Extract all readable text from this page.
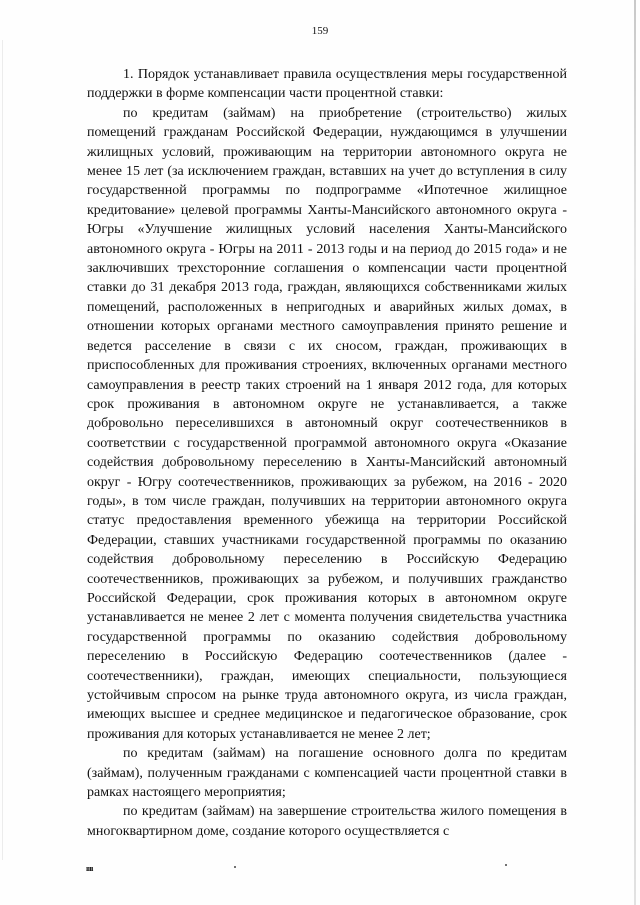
159

1. Порядок устанавливает правила осуществления меры государственной поддержки в форме компенсации части процентной ставки:

по кредитам (займам) на приобретение (строительство) жилых помещений гражданам Российской Федерации, нуждающимся в улучшении жилищных условий, проживающим на территории автономного округа не менее 15 лет (за исключением граждан, вставших на учет до вступления в силу государственной программы по подпрограмме «Ипотечное жилищное кредитование» целевой программы Ханты-Мансийского автономного округа - Югры «Улучшение жилищных условий населения Ханты-Мансийского автономного округа - Югры на 2011 - 2013 годы и на период до 2015 года» и не заключивших трехсторонние соглашения о компенсации части процентной ставки до 31 декабря 2013 года, граждан, являющихся собственниками жилых помещений, расположенных в непригодных и аварийных жилых домах, в отношении которых органами местного самоуправления принято решение и ведется расселение в связи с их сносом, граждан, проживающих в приспособленных для проживания строениях, включенных органами местного самоуправления в реестр таких строений на 1 января 2012 года, для которых срок проживания в автономном округе не устанавливается, а также добровольно переселившихся в автономный округ соотечественников в соответствии с государственной программой автономного округа «Оказание содействия добровольному переселению в Ханты-Мансийский автономный округ - Югру соотечественников, проживающих за рубежом, на 2016 - 2020 годы», в том числе граждан, получивших на территории автономного округа статус предоставления временного убежища на территории Российской Федерации, ставших участниками государственной программы по оказанию содействия добровольному переселению в Российскую Федерацию соотечественников, проживающих за рубежом, и получивших гражданство Российской Федерации, срок проживания которых в автономном округе устанавливается не менее 2 лет с момента получения свидетельства участника государственной программы по оказанию содействия добровольному переселению в Российскую Федерацию соотечественников (далее - соотечественники), граждан, имеющих специальности, пользующиеся устойчивым спросом на рынке труда автономного округа, из числа граждан, имеющих высшее и среднее медицинское и педагогическое образование, срок проживания для которых устанавливается не менее 2 лет;

по кредитам (займам) на погашение основного долга по кредитам (займам), полученным гражданами с компенсацией части процентной ставки в рамках настоящего мероприятия;

по кредитам (займам) на завершение строительства жилого помещения в многоквартирном доме, создание которого осуществляется с

ıııı
